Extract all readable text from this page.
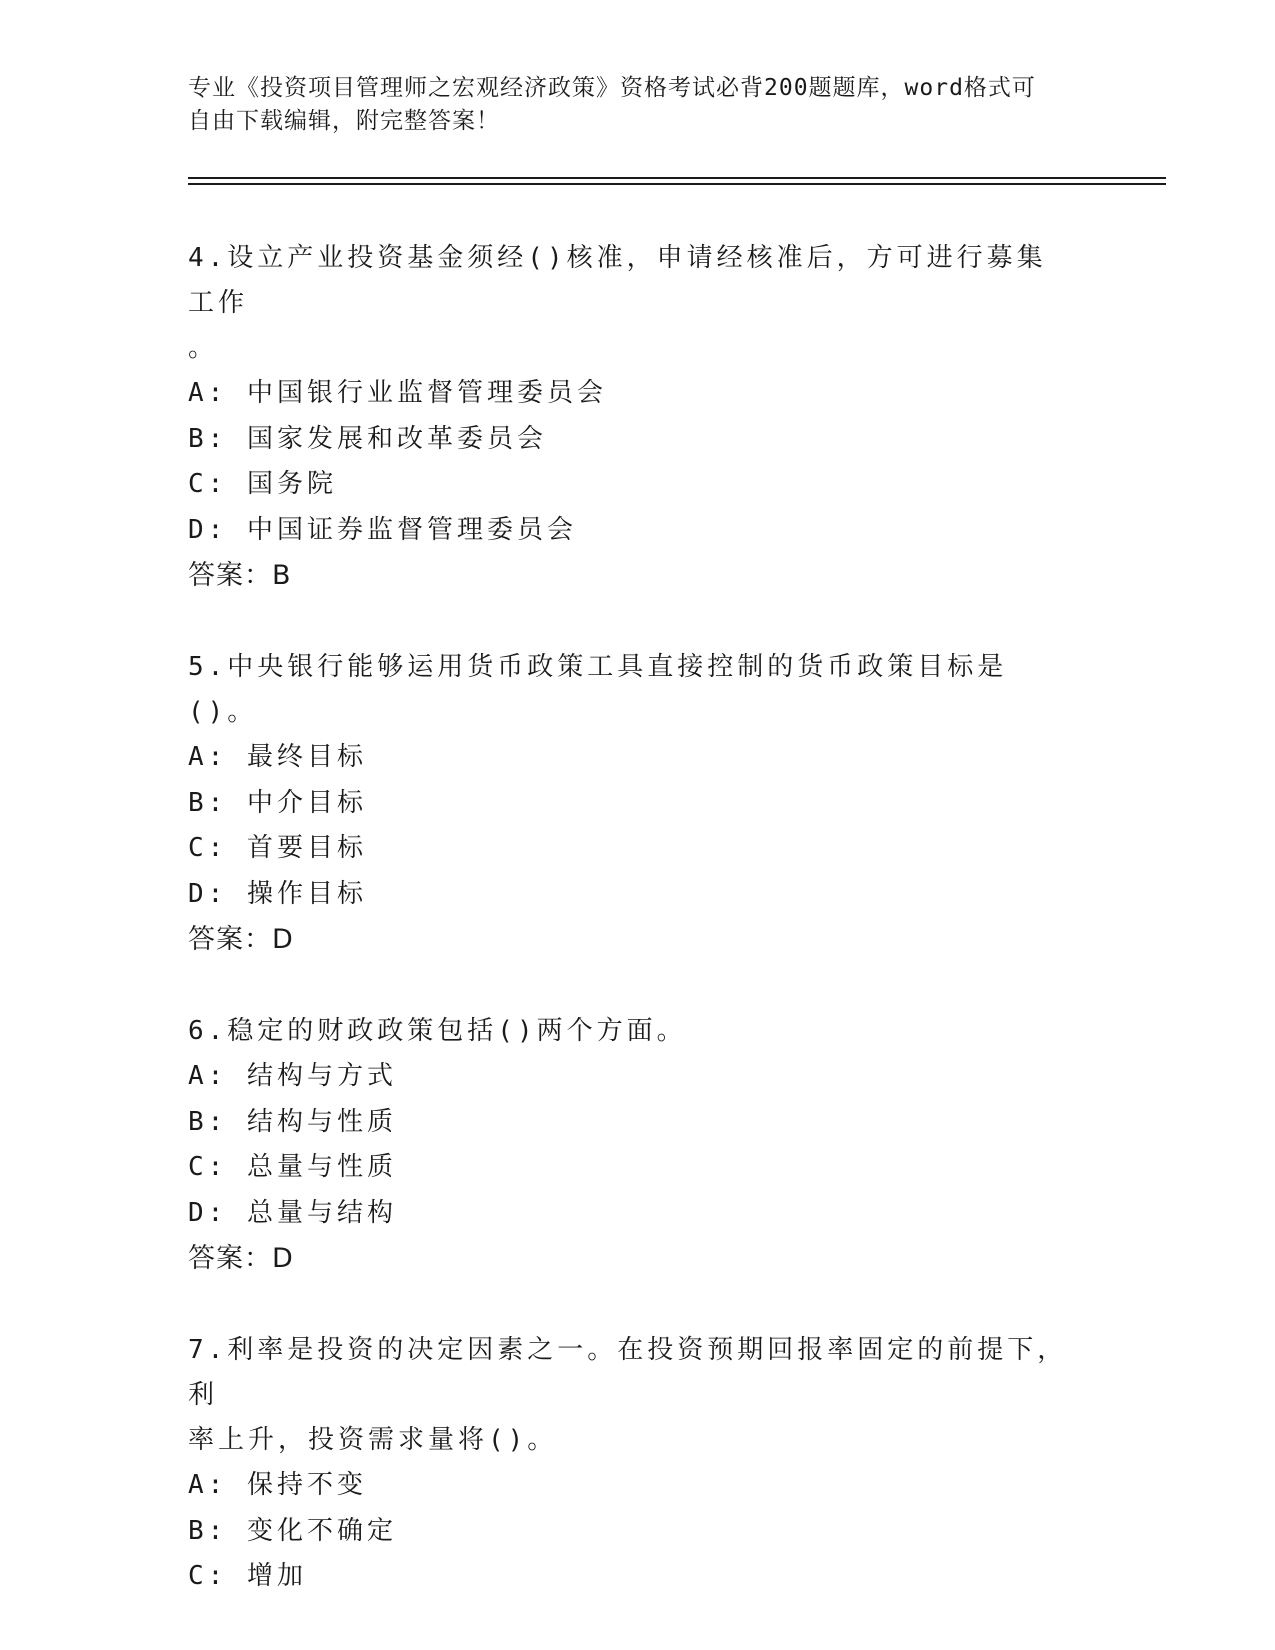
专业《投资项目管理师之宏观经济政策》资格考试必背200题题库，word格式可
自由下载编辑，附完整答案！
4.设立产业投资基金须经()核准，申请经核准后，方可进行募集工作
。
A: 中国银行业监督管理委员会
B: 国家发展和改革委员会
C: 国务院
D: 中国证券监督管理委员会
答案：B
5.中央银行能够运用货币政策工具直接控制的货币政策目标是()。
A: 最终目标
B: 中介目标
C: 首要目标
D: 操作目标
答案：D
6.稳定的财政政策包括()两个方面。
A: 结构与方式
B: 结构与性质
C: 总量与性质
D: 总量与结构
答案：D
7.利率是投资的决定因素之一。在投资预期回报率固定的前提下，利
率上升，投资需求量将()。
A: 保持不变
B: 变化不确定
C: 增加
